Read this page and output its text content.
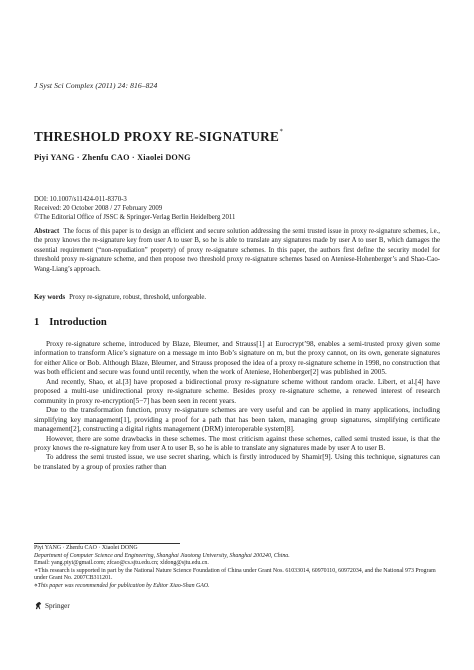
J Syst Sci Complex (2011) 24: 816–824
THRESHOLD PROXY RE-SIGNATURE∗
Piyi YANG · Zhenfu CAO · Xiaolei DONG
DOI: 10.1007/s11424-011-8370-3
Received: 20 October 2008 / 27 February 2009
©The Editorial Office of JSSC & Springer-Verlag Berlin Heidelberg 2011
Abstract The focus of this paper is to design an efficient and secure solution addressing the semi trusted issue in proxy re-signature schemes, i.e., the proxy knows the re-signature key from user A to user B, so he is able to translate any signatures made by user A to user B, which damages the essential requirement (“non-repudiation” property) of proxy re-signature schemes. In this paper, the authors first define the security model for threshold proxy re-signature scheme, and then propose two threshold proxy re-signature schemes based on Ateniese-Hohenberger’s and Shao-Cao-Wang-Liang’s approach.
Key words Proxy re-signature, robust, threshold, unforgeable.
1 Introduction

Proxy re-signature scheme, introduced by Blaze, Bleumer, and Strauss[1] at Eurocrypt’98, enables a semi-trusted proxy given some information to transform Alice’s signature on a message m into Bob’s signature on m, but the proxy cannot, on its own, generate signatures for either Alice or Bob. Although Blaze, Bleumer, and Strauss proposed the idea of a proxy re-signature scheme in 1998, no construction that was both efficient and secure was found until recently, when the work of Ateniese, Hohenberger[2] was published in 2005.

And recently, Shao, et al.[3] have proposed a bidirectional proxy re-signature scheme without random oracle. Libert, et al.[4] have proposed a multi-use unidirectional proxy re-signature scheme. Besides proxy re-signature scheme, a renewed interest of research community in proxy re-encryption[5−7] has been seen in recent years.

Due to the transformation function, proxy re-signature schemes are very useful and can be applied in many applications, including simplifying key management[1], providing a proof for a path that has been taken, managing group signatures, simplifying certificate management[2], constructing a digital rights management (DRM) interoperable system[8].

However, there are some drawbacks in these schemes. The most criticism against these schemes, called semi trusted issue, is that the proxy knows the re-signature key from user A to user B, so he is able to translate any signatures made by user A to user B.

To address the semi trusted issue, we use secret sharing, which is firstly introduced by Shamir[9]. Using this technique, signatures can be translated by a group of proxies rather than

Piyi YANG · Zhenfu CAO · Xiaolei DONG
Department of Computer Science and Engineering, Shanghai Jiaotong University, Shanghai 200240, China.
Email: yang.piyi@gmail.com; zfcao@cs.sjtu.edu.cn; xldong@sjtu.edu.cn.
∗This research is supported in part by the National Nature Science Foundation of China under Grant Nos. 61033014, 60970110, 60972034, and the National 973 Program under Grant No. 2007CB311201.
⋄This paper was recommended for publication by Editor Xiao-Shan GAO.
Springer
